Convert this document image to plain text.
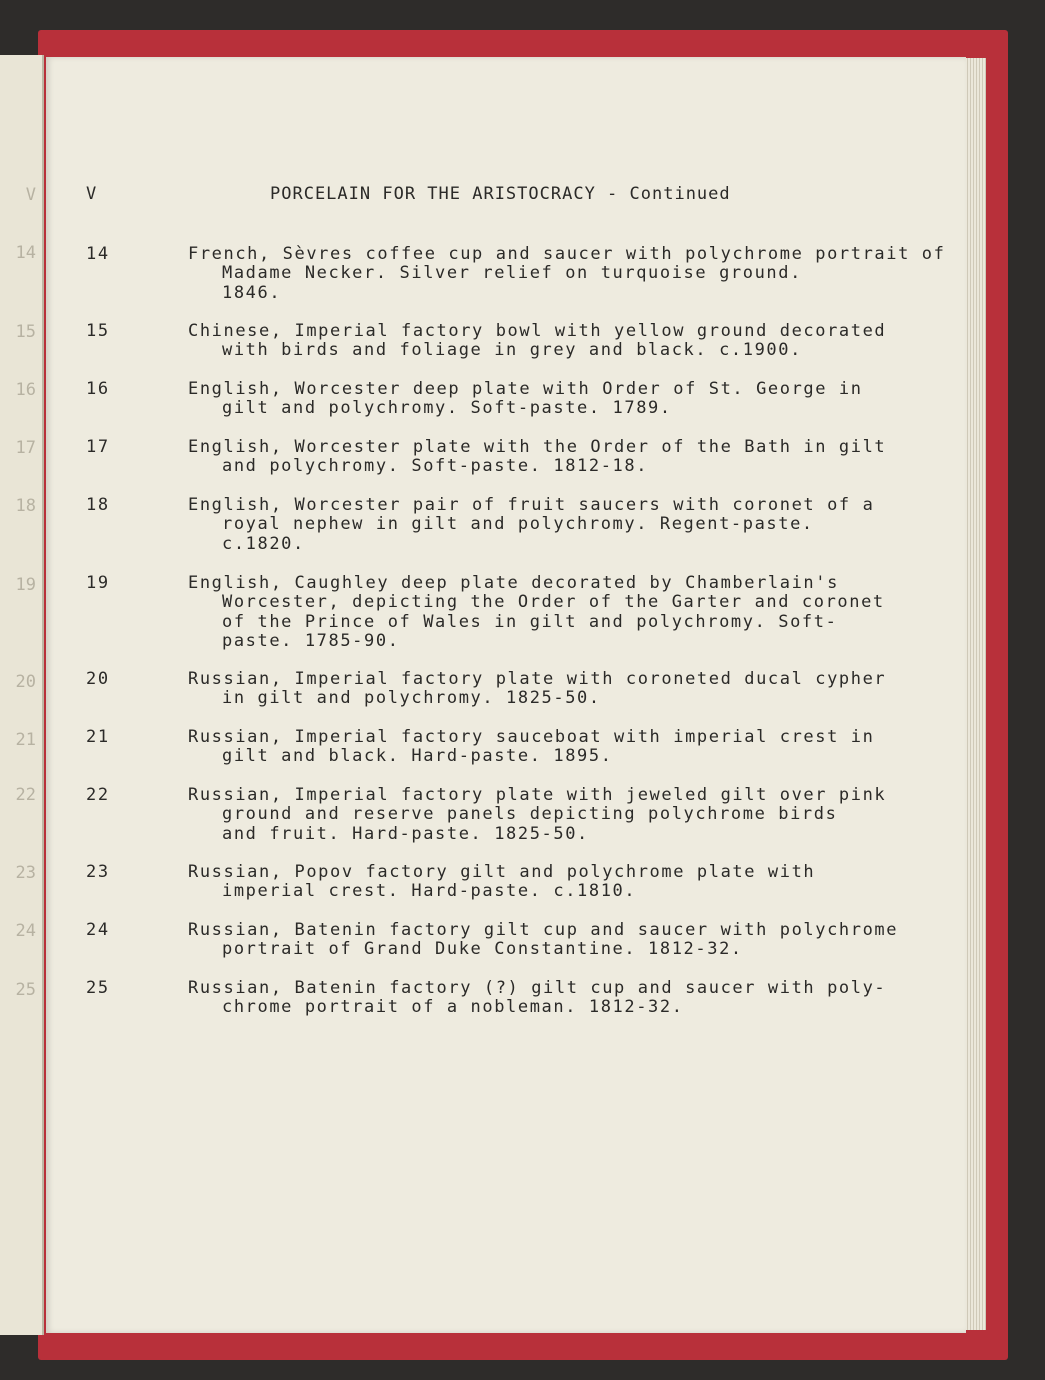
V
14
15
16
17
18
19
20
21
22
23
24
25
V	PORCELAIN FOR THE ARISTOCRACY - Continued
14	French, Sèvres coffee cup and saucer with polychrome portrait of
Madame Necker. Silver relief on turquoise ground.
1846.
15	Chinese, Imperial factory bowl with yellow ground decorated
with birds and foliage in grey and black. c.1900.
16	English, Worcester deep plate with Order of St. George in
gilt and polychromy. Soft-paste. 1789.
17	English, Worcester plate with the Order of the Bath in gilt
and polychromy. Soft-paste. 1812-18.
18	English, Worcester pair of fruit saucers with coronet of a
royal nephew in gilt and polychromy. Regent-paste.
c.1820.
19	English, Caughley deep plate decorated by Chamberlain's
Worcester, depicting the Order of the Garter and coronet
of the Prince of Wales in gilt and polychromy. Soft-
paste. 1785-90.
20	Russian, Imperial factory plate with coroneted ducal cypher
in gilt and polychromy. 1825-50.
21	Russian, Imperial factory sauceboat with imperial crest in
gilt and black. Hard-paste. 1895.
22	Russian, Imperial factory plate with jeweled gilt over pink
ground and reserve panels depicting polychrome birds
and fruit. Hard-paste. 1825-50.
23	Russian, Popov factory gilt and polychrome plate with
imperial crest. Hard-paste. c.1810.
24	Russian, Batenin factory gilt cup and saucer with polychrome
portrait of Grand Duke Constantine. 1812-32.
25	Russian, Batenin factory (?) gilt cup and saucer with poly-
chrome portrait of a nobleman. 1812-32.
